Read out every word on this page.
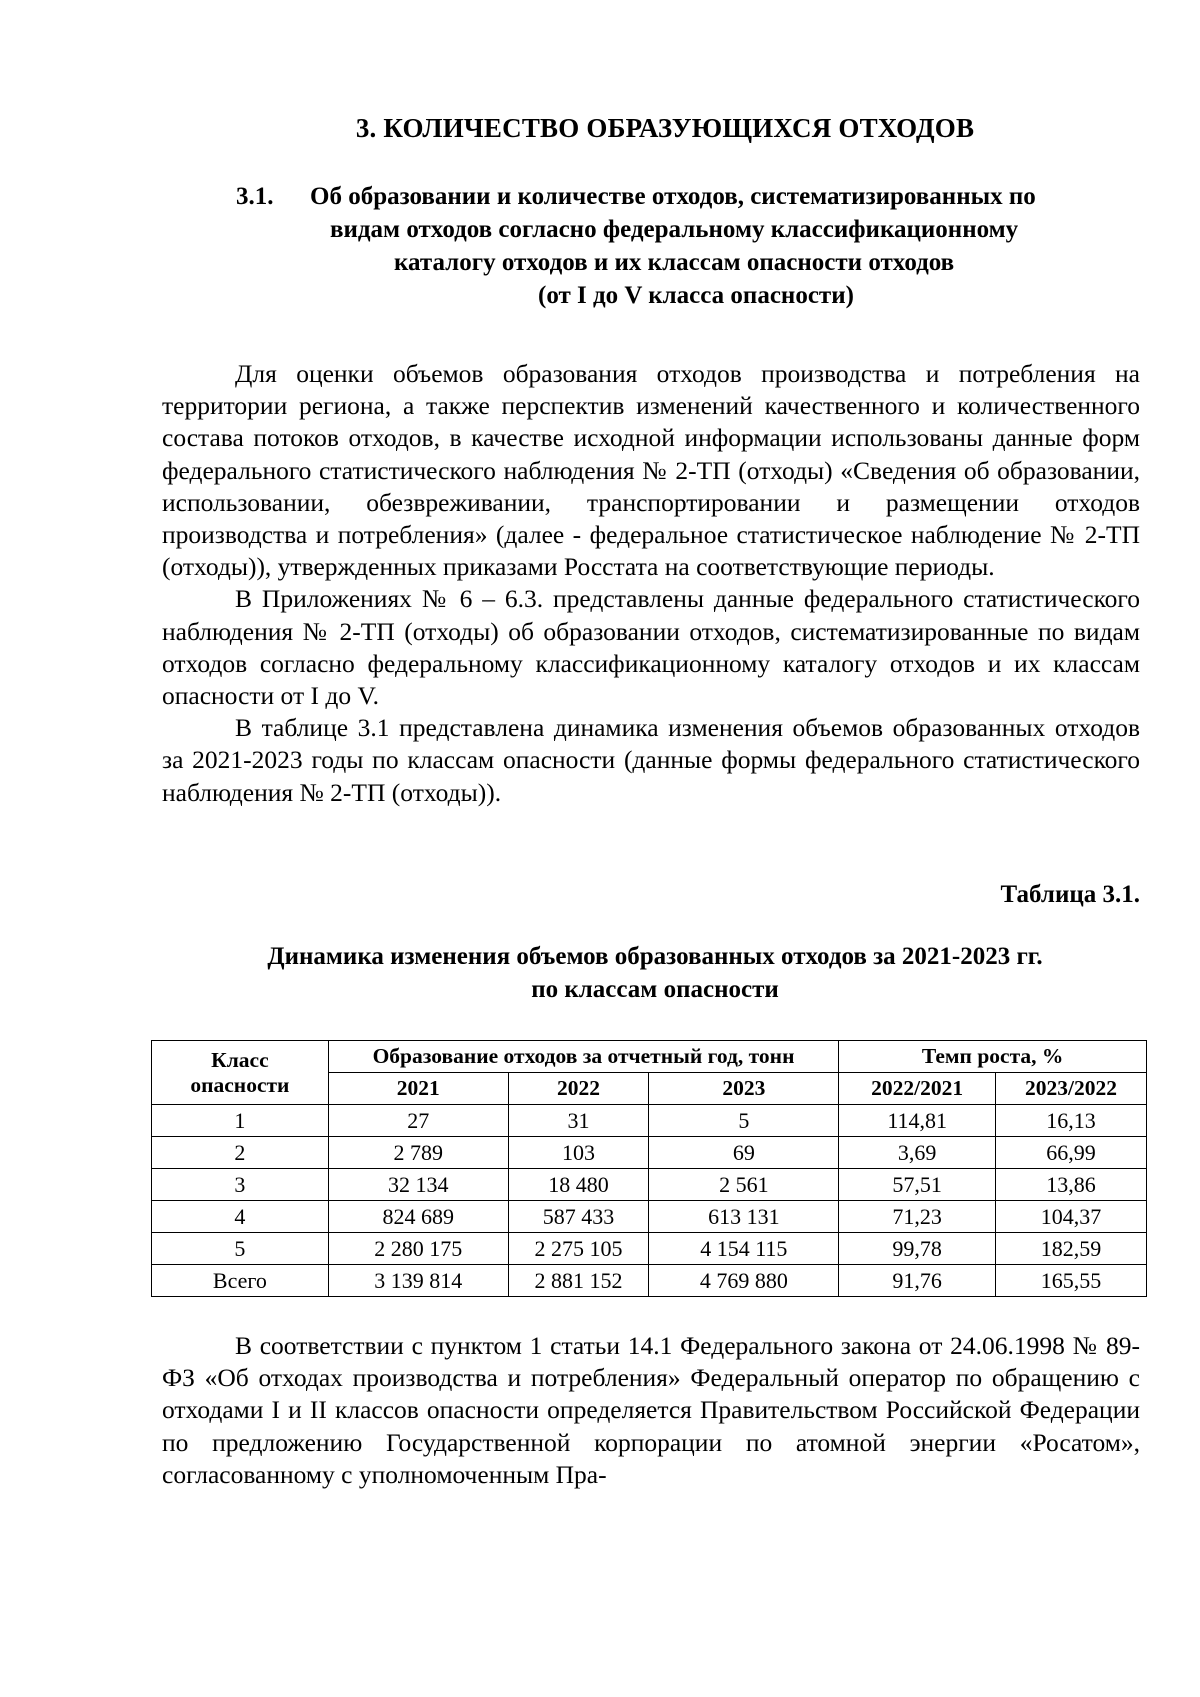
3. КОЛИЧЕСТВО ОБРАЗУЮЩИХСЯ ОТХОДОВ
3.1. Об образовании и количестве отходов, систематизированных по
видам отходов согласно федеральному классификационному
каталогу отходов и их классам опасности отходов
(от I до V класса опасности)

Для оценки объемов образования отходов производства и потребления на территории региона, а также перспектив изменений качественного и количественного состава потоков отходов, в качестве исходной информации использованы данные форм федерального статистического наблюдения № 2-ТП (отходы) «Сведения об образовании, использовании, обезвреживании, транспортировании и размещении отходов производства и потребления» (далее - федеральное статистическое наблюдение № 2-ТП (отходы)), утвержденных приказами Росстата на соответствующие периоды.

В Приложениях № 6 – 6.3. представлены данные федерального статистического наблюдения № 2-ТП (отходы) об образовании отходов, систематизированные по видам отходов согласно федеральному классификационному каталогу отходов и их классам опасности от I до V.

В таблице 3.1 представлена динамика изменения объемов образованных отходов за 2021-2023 годы по классам опасности (данные формы федерального статистического наблюдения № 2-ТП (отходы)).

Таблица 3.1.
Динамика изменения объемов образованных отходов за 2021-2023 гг.
по классам опасности
Класс
опасности	Образование отходов за отчетный год, тонн			Темп роста, %	
	2021	2022	2023	2022/2021	2023/2022
1	27	31	5	114,81	16,13
2	2 789	103	69	3,69	66,99
3	32 134	18 480	2 561	57,51	13,86
4	824 689	587 433	613 131	71,23	104,37
5	2 280 175	2 275 105	4 154 115	99,78	182,59
Всего	3 139 814	2 881 152	4 769 880	91,76	165,55

В соответствии с пунктом 1 статьи 14.1 Федерального закона от 24.06.1998 № 89-ФЗ «Об отходах производства и потребления» Федеральный оператор по обращению с отходами I и II классов опасности определяется Правительством Российской Федерации по предложению Государственной корпорации по атомной энергии «Росатом», согласованному с уполномоченным Пра-
